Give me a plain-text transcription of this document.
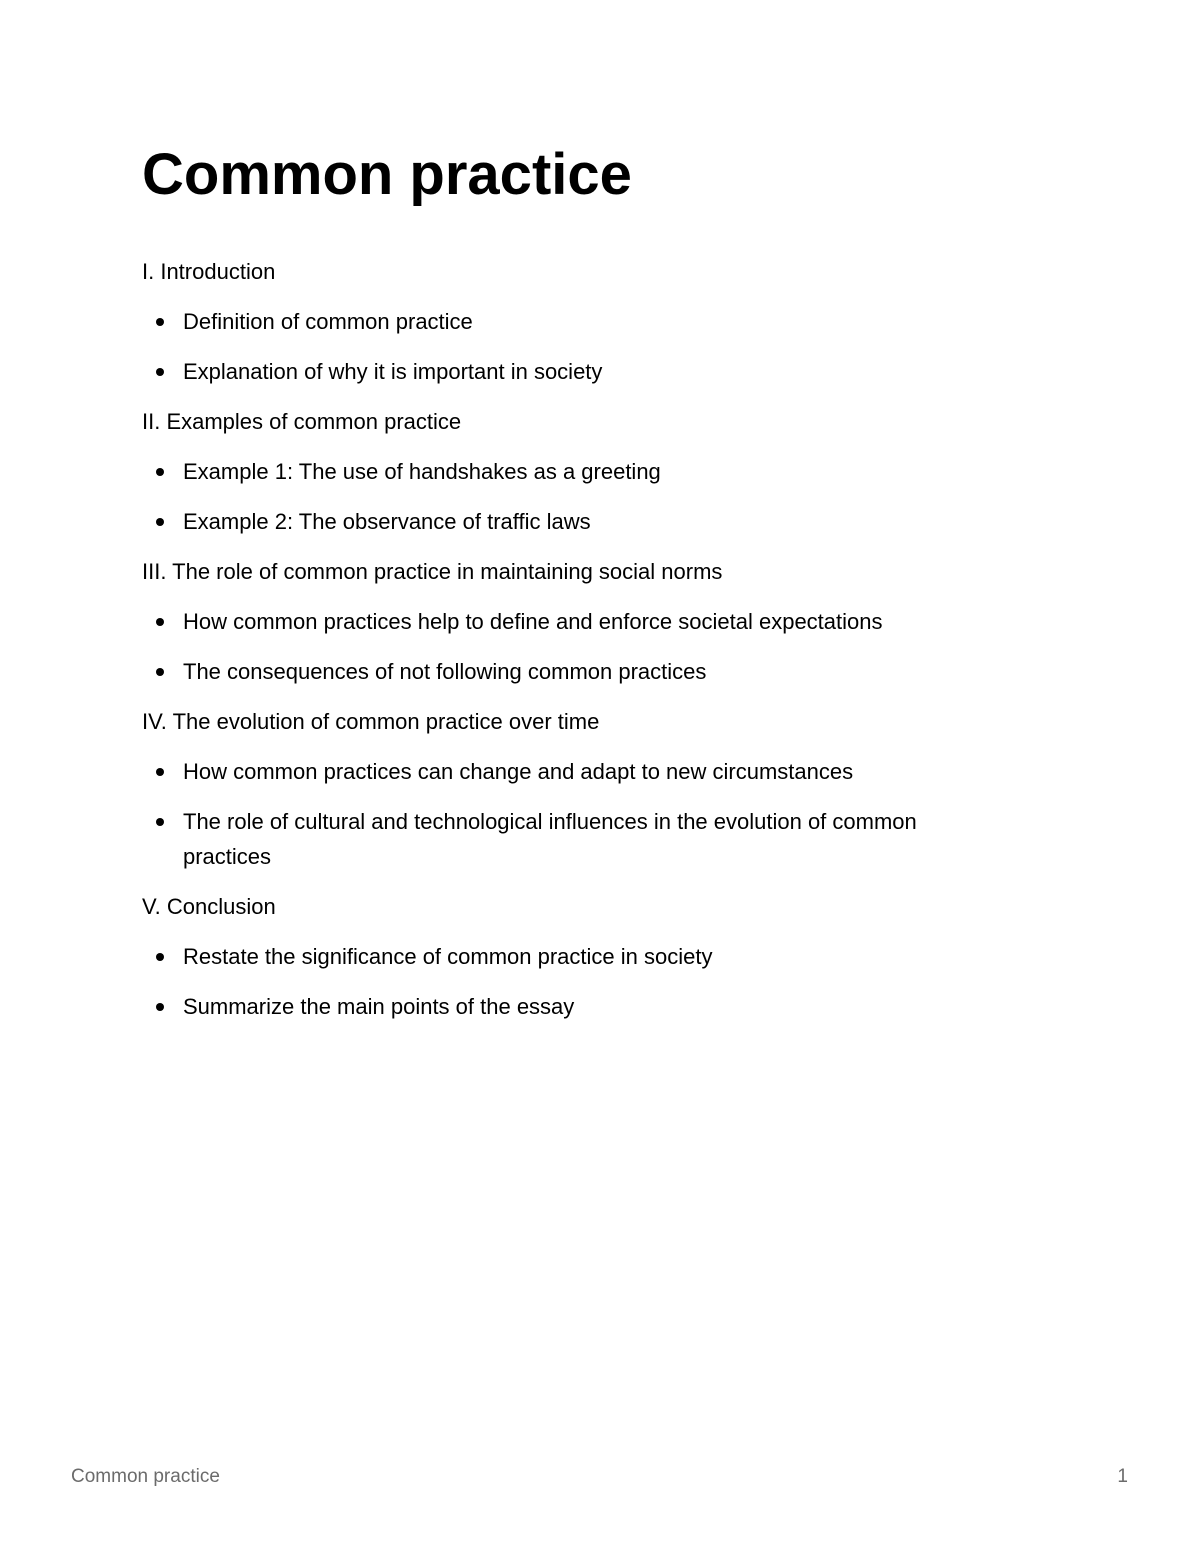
Common practice

I. Introduction

Definition of common practice
Explanation of why it is important in society

II. Examples of common practice

Example 1: The use of handshakes as a greeting
Example 2: The observance of traffic laws

III. The role of common practice in maintaining social norms

How common practices help to define and enforce societal expectations
The consequences of not following common practices

IV. The evolution of common practice over time

How common practices can change and adapt to new circumstances
The role of cultural and technological influences in the evolution of common practices

V. Conclusion

Restate the significance of common practice in society
Summarize the main points of the essay
Common practice	1
